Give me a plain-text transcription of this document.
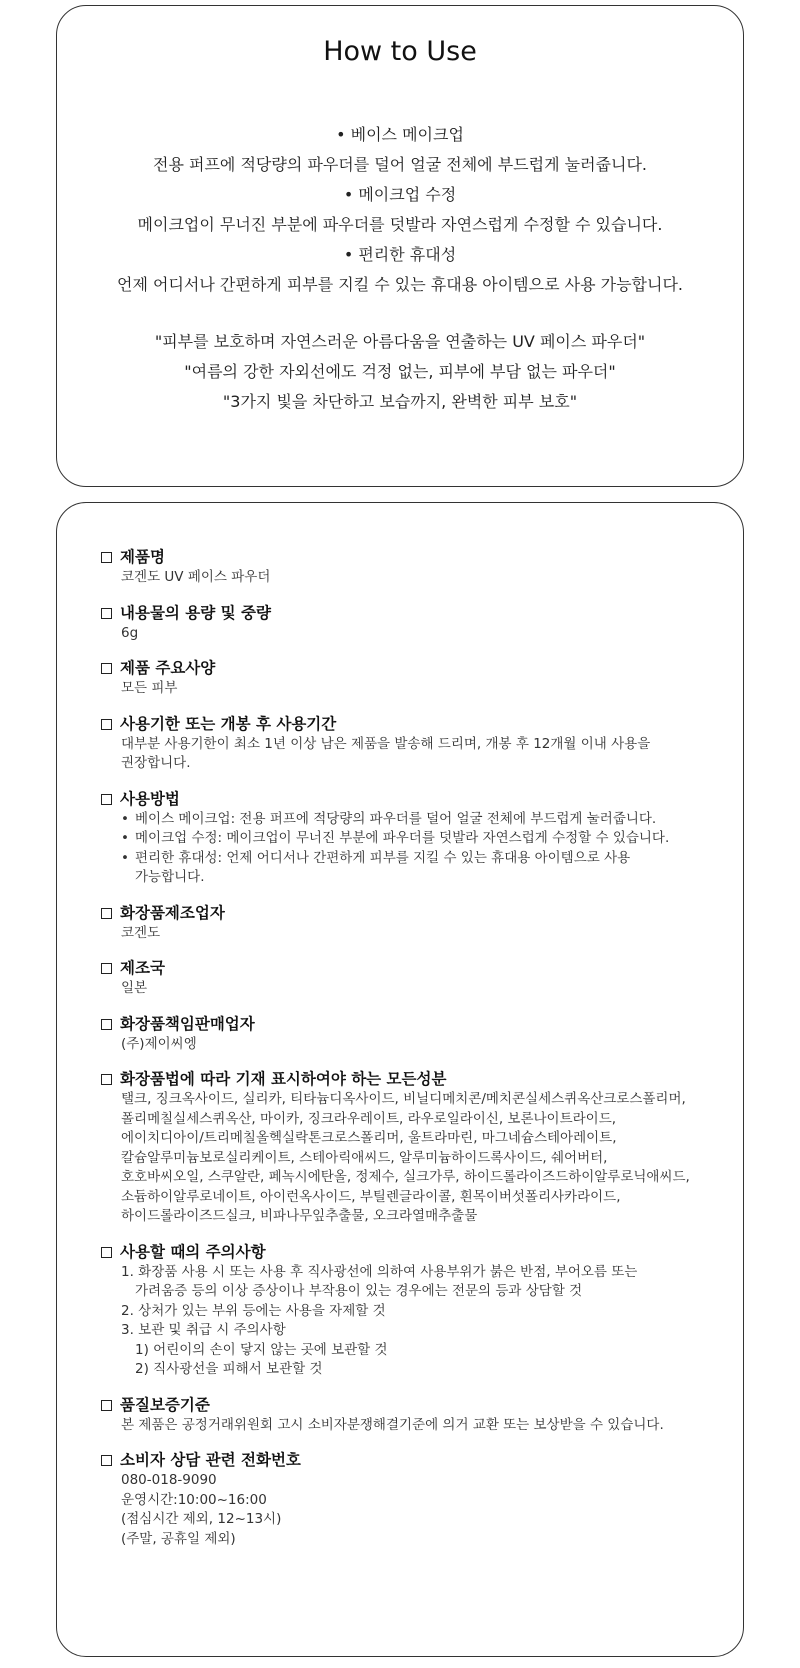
How to Use
• 베이스 메이크업
전용 퍼프에 적당량의 파우더를 덜어 얼굴 전체에 부드럽게 눌러줍니다.
• 메이크업 수정
메이크업이 무너진 부분에 파우더를 덧발라 자연스럽게 수정할 수 있습니다.
• 편리한 휴대성
언제 어디서나 간편하게 피부를 지킬 수 있는 휴대용 아이템으로 사용 가능합니다.
"피부를 보호하며 자연스러운 아름다움을 연출하는 UV 페이스 파우더"
"여름의 강한 자외선에도 걱정 없는, 피부에 부담 없는 파우더"
"3가지 빛을 차단하고 보습까지, 완벽한 피부 보호"
제품명
코겐도 UV 페이스 파우더
내용물의 용량 및 중량
6g
제품 주요사양
모든 피부
사용기한 또는 개봉 후 사용기간
대부분 사용기한이 최소 1년 이상 남은 제품을 발송해 드리며, 개봉 후 12개월 이내 사용을
권장합니다.
사용방법
• 베이스 메이크업: 전용 퍼프에 적당량의 파우더를 덜어 얼굴 전체에 부드럽게 눌러줍니다.
• 메이크업 수정: 메이크업이 무너진 부분에 파우더를 덧발라 자연스럽게 수정할 수 있습니다.
• 편리한 휴대성: 언제 어디서나 간편하게 피부를 지킬 수 있는 휴대용 아이템으로 사용
가능합니다.
화장품제조업자
코겐도
제조국
일본
화장품책임판매업자
(주)제이씨엥
화장품법에 따라 기재 표시하여야 하는 모든성분
탤크, 징크옥사이드, 실리카, 티타늄디옥사이드, 비닐디메치콘/메치콘실세스퀴옥산크로스폴리머,
폴리메칠실세스퀴옥산, 마이카, 징크라우레이트, 라우로일라이신, 보론나이트라이드,
에이치디아이/트리메칠올헥실락톤크로스폴리머, 울트라마린, 마그네슘스테아레이트,
칼슘알루미늄보로실리케이트, 스테아릭애씨드, 알루미늄하이드록사이드, 쉐어버터,
호호바씨오일, 스쿠알란, 페녹시에탄올, 정제수, 실크가루, 하이드롤라이즈드하이알루로닉애씨드,
소듐하이알루로네이트, 아이런옥사이드, 부틸렌글라이콜, 흰목이버섯폴리사카라이드,
하이드롤라이즈드실크, 비파나무잎추출물, 오크라열매추출물
사용할 때의 주의사항
1. 화장품 사용 시 또는 사용 후 직사광선에 의하여 사용부위가 붉은 반점, 부어오름 또는
가려움증 등의 이상 증상이나 부작용이 있는 경우에는 전문의 등과 상담할 것
2. 상처가 있는 부위 등에는 사용을 자제할 것
3. 보관 및 취급 시 주의사항
1) 어린이의 손이 닿지 않는 곳에 보관할 것
2) 직사광선을 피해서 보관할 것
품질보증기준
본 제품은 공정거래위원회 고시 소비자분쟁해결기준에 의거 교환 또는 보상받을 수 있습니다.
소비자 상담 관련 전화번호
080-018-9090
운영시간:10:00~16:00
(점심시간 제외, 12~13시)
(주말, 공휴일 제외)
